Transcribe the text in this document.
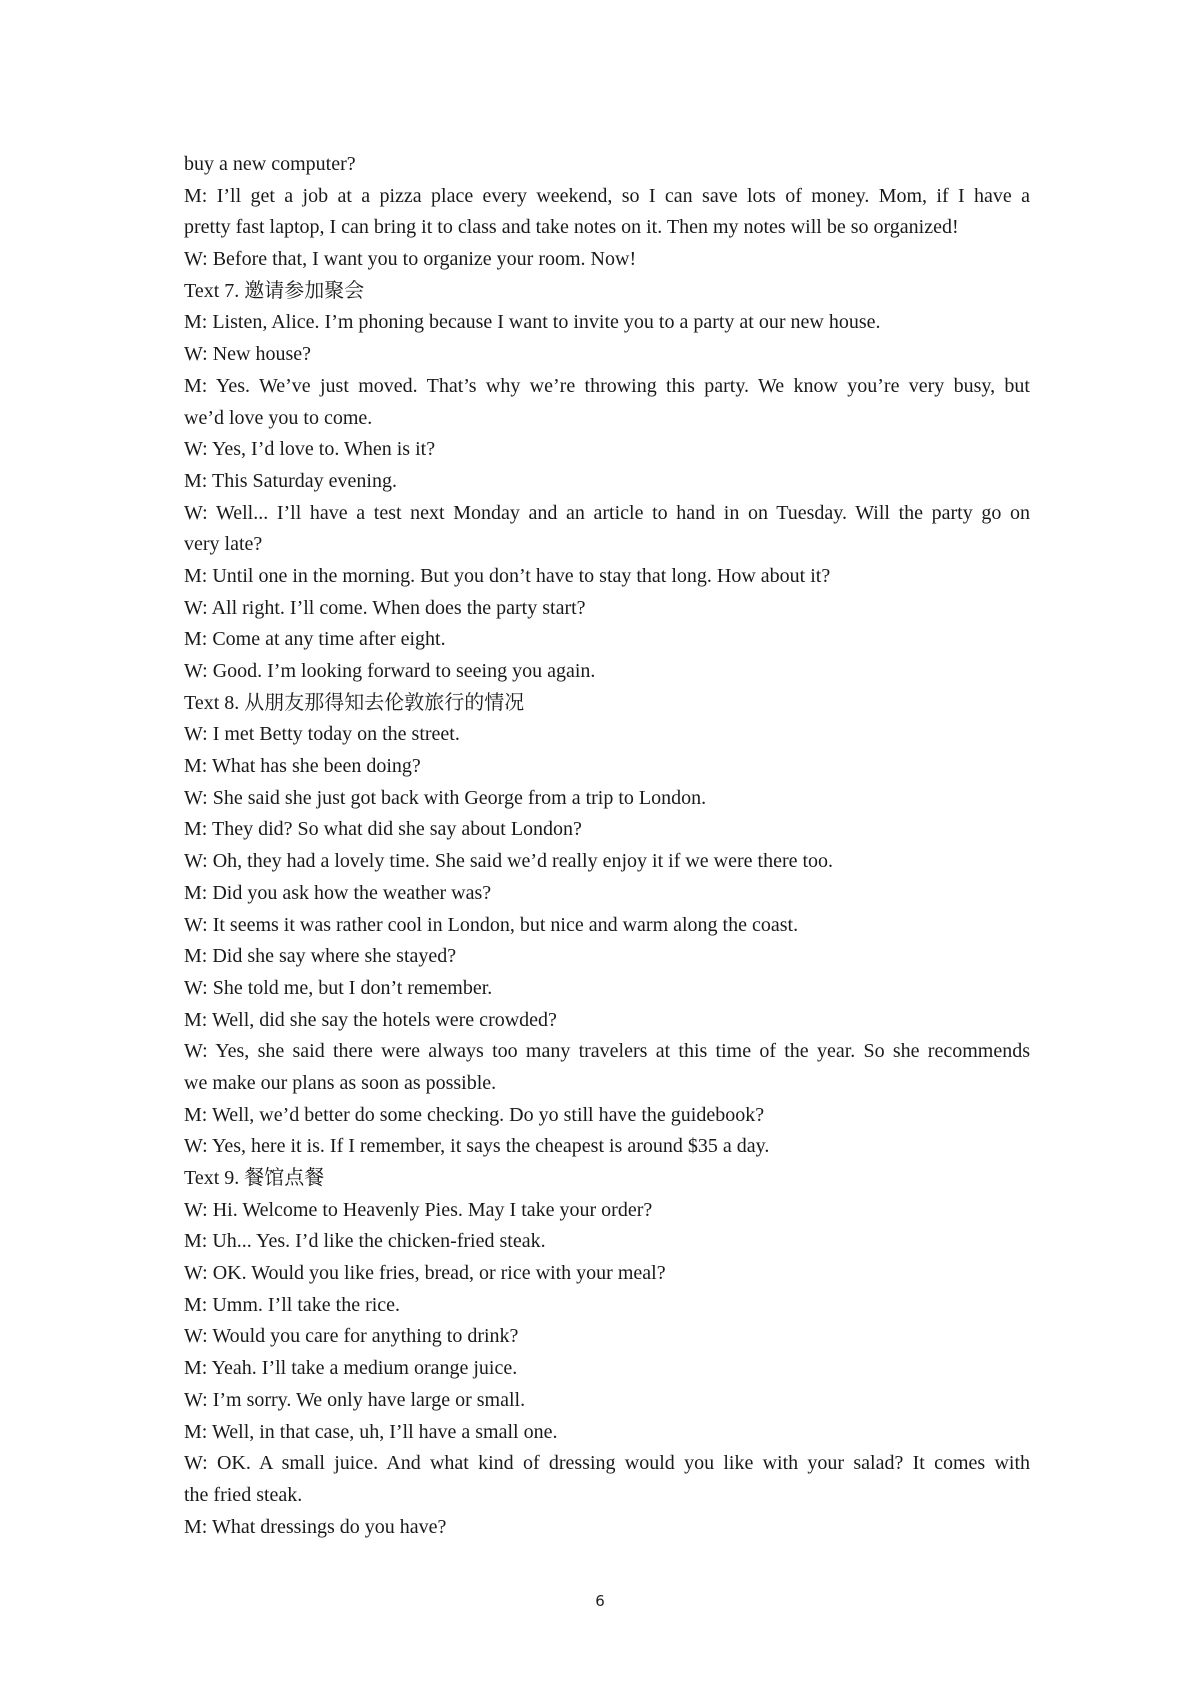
buy a new computer?
M: I’ll get a job at a pizza place every weekend, so I can save lots of money. Mom, if I have a
pretty fast laptop, I can bring it to class and take notes on it. Then my notes will be so organized!
W: Before that, I want you to organize your room. Now!
Text 7. 邀请参加聚会
M: Listen, Alice. I’m phoning because I want to invite you to a party at our new house.
W: New house?
M: Yes. We’ve just moved. That’s why we’re throwing this party. We know you’re very busy, but
we’d love you to come.
W: Yes, I’d love to. When is it?
M: This Saturday evening.
W: Well... I’ll have a test next Monday and an article to hand in on Tuesday. Will the party go on
very late?
M: Until one in the morning. But you don’t have to stay that long. How about it?
W: All right. I’ll come. When does the party start?
M: Come at any time after eight.
W: Good. I’m looking forward to seeing you again.
Text 8. 从朋友那得知去伦敦旅行的情况
W: I met Betty today on the street.
M: What has she been doing?
W: She said she just got back with George from a trip to London.
M: They did? So what did she say about London?
W: Oh, they had a lovely time. She said we’d really enjoy it if we were there too.
M: Did you ask how the weather was?
W: It seems it was rather cool in London, but nice and warm along the coast.
M: Did she say where she stayed?
W: She told me, but I don’t remember.
M: Well, did she say the hotels were crowded?
W: Yes, she said there were always too many travelers at this time of the year. So she recommends
we make our plans as soon as possible.
M: Well, we’d better do some checking. Do yo still have the guidebook?
W: Yes, here it is. If I remember, it says the cheapest is around $35 a day.
Text 9. 餐馆点餐
W: Hi. Welcome to Heavenly Pies. May I take your order?
M: Uh... Yes. I’d like the chicken-fried steak.
W: OK. Would you like fries, bread, or rice with your meal?
M: Umm. I’ll take the rice.
W: Would you care for anything to drink?
M: Yeah. I’ll take a medium orange juice.
W: I’m sorry. We only have large or small.
M: Well, in that case, uh, I’ll have a small one.
W: OK. A small juice. And what kind of dressing would you like with your salad? It comes with
the fried steak.
M: What dressings do you have?
6
